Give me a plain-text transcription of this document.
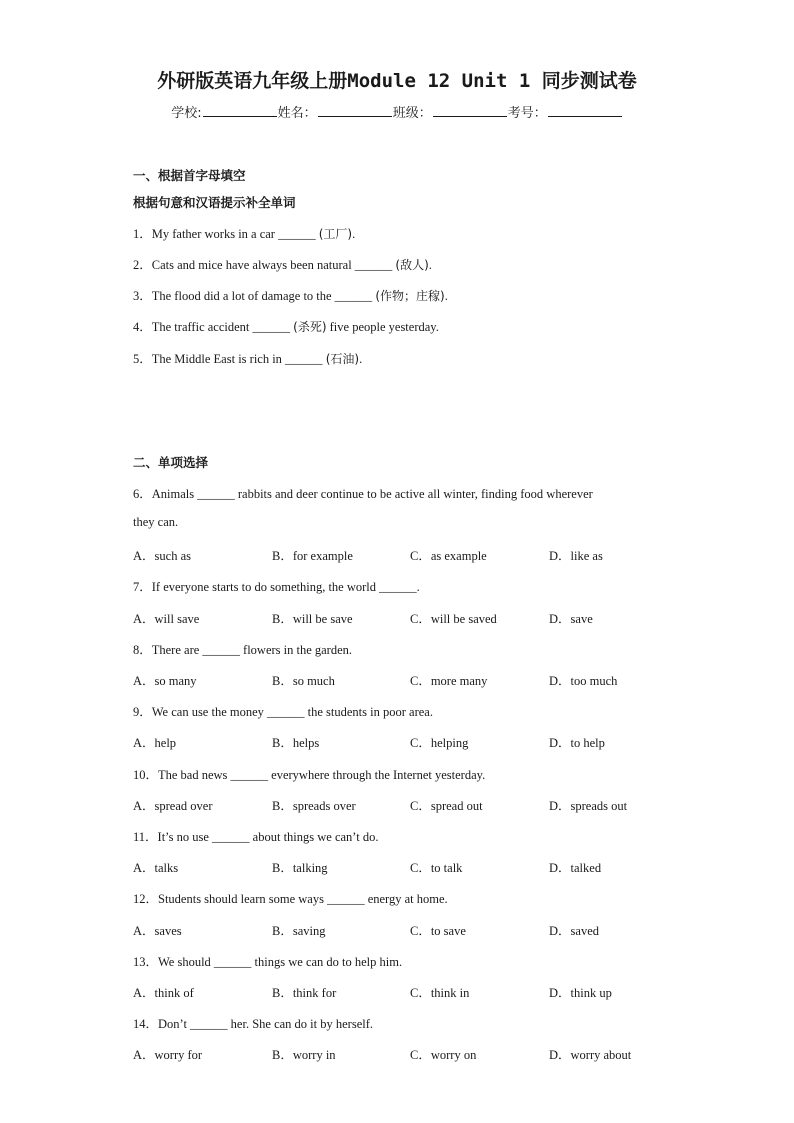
外研版英语九年级上册Module 12 Unit 1 同步测试卷
学校:	姓名：	班级：	考号：
一、根据首字母填空
根据句意和汉语提示补全单词
1．My father works in a car ______ (工厂).
2．Cats and mice have always been natural ______ (敌人).
3．The flood did a lot of damage to the ______ (作物；庄稼).
4．The traffic accident ______ (杀死) five people yesterday.
5．The Middle East is rich in ______ (石油).
二、单项选择
6．Animals ______ rabbits and deer continue to be active all winter, finding food wherever
they can.
A．such as	B．for example	C．as example	D．like as
7．If everyone starts to do something, the world ______.
A．will save	B．will be save	C．will be saved	D．save
8．There are ______ flowers in the garden.
A．so many	B．so much	C．more many	D．too much
9．We can use the money ______ the students in poor area.
A．help	B．helps	C．helping	D．to help
10．The bad news ______ everywhere through the Internet yesterday.
A．spread over	B．spreads over	C．spread out	D．spreads out
11．It’s no use ______ about things we can’t do.
A．talks	B．talking	C．to talk	D．talked
12．Students should learn some ways ______ energy at home.
A．saves	B．saving	C．to save	D．saved
13．We should ______ things we can do to help him.
A．think of	B．think for	C．think in	D．think up
14．Don’t ______ her. She can do it by herself.
A．worry for	B．worry in	C．worry on	D．worry about
